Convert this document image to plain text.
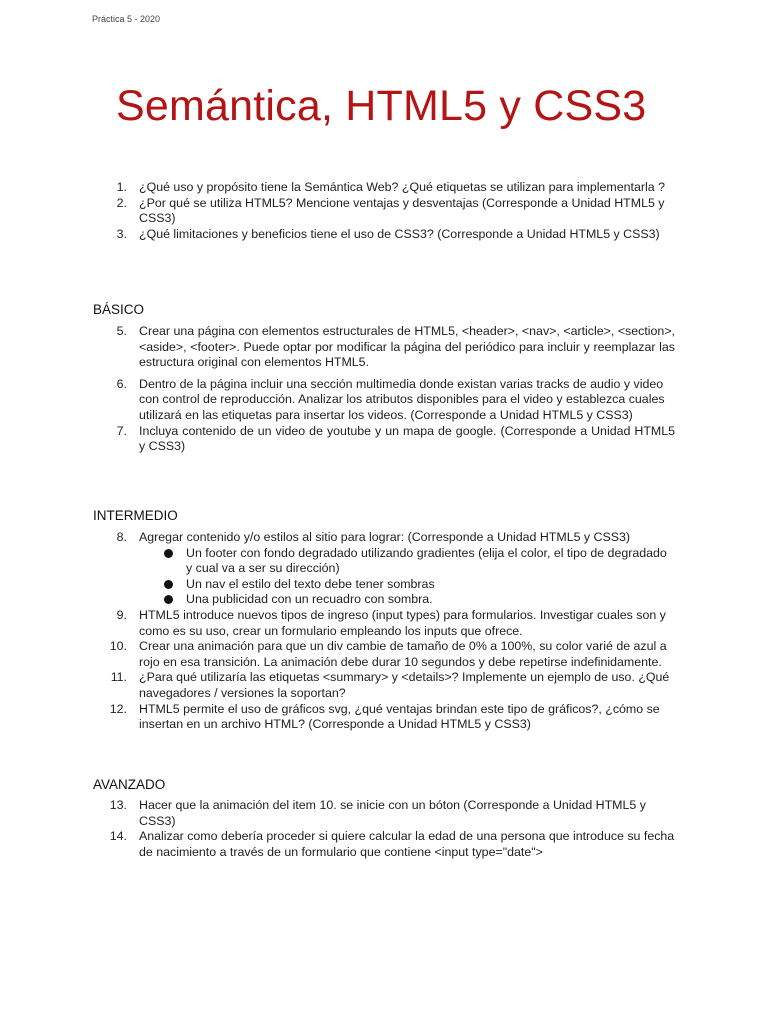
Práctica 5 - 2020
Semántica, HTML5 y CSS3
1. ¿Qué uso y propósito tiene la Semántica Web? ¿Qué etiquetas se utilizan para implementarla ?
2. ¿Por qué se utiliza HTML5? Mencione ventajas y desventajas (Corresponde a Unidad HTML5 y CSS3)
3. ¿Qué limitaciones y beneficios tiene el uso de CSS3? (Corresponde a Unidad HTML5 y CSS3)
BÁSICO
5. Crear una página con elementos estructurales de HTML5, <header>, <nav>, <article>, <section>, <aside>, <footer>. Puede optar por modificar la página del periódico para incluir y reemplazar las estructura original con elementos HTML5.
6. Dentro de la página incluir una sección multimedia donde existan varias tracks de audio y video con control de reproducción. Analizar los atributos disponibles para el video y establezca cuales utilizará en las etiquetas para insertar los videos. (Corresponde a Unidad HTML5 y CSS3)
7. Incluya contenido de un video de youtube y un mapa de google. (Corresponde a Unidad HTML5 y CSS3)
INTERMEDIO
8. Agregar contenido y/o estilos al sitio para lograr: (Corresponde a Unidad HTML5 y CSS3)
Un footer con fondo degradado utilizando gradientes (elija el color, el tipo de degradado y cual va a ser su dirección)
Un nav el estilo del texto debe tener sombras
Una publicidad con un recuadro con sombra.
9. HTML5 introduce nuevos tipos de ingreso (input types) para formularios. Investigar cuales son y como es su uso, crear un formulario empleando los inputs que ofrece.
10. Crear una animación para que un div cambie de tamaño de 0% a 100%, su color varié de azul a rojo en esa transición. La animación debe durar 10 segundos y debe repetirse indefinidamente.
11. ¿Para qué utilizaría las etiquetas <summary> y <details>? Implemente un ejemplo de uso. ¿Qué navegadores / versiones la soportan?
12. HTML5 permite el uso de gráficos svg, ¿qué ventajas brindan este tipo de gráficos?, ¿cómo se insertan en un archivo HTML? (Corresponde a Unidad HTML5 y CSS3)
AVANZADO
13. Hacer que la animación del item 10. se inicie con un bóton (Corresponde a Unidad HTML5 y CSS3)
14. Analizar como debería proceder si quiere calcular la edad de una persona que introduce su fecha de nacimiento a través de un formulario que contiene <input type="date">
